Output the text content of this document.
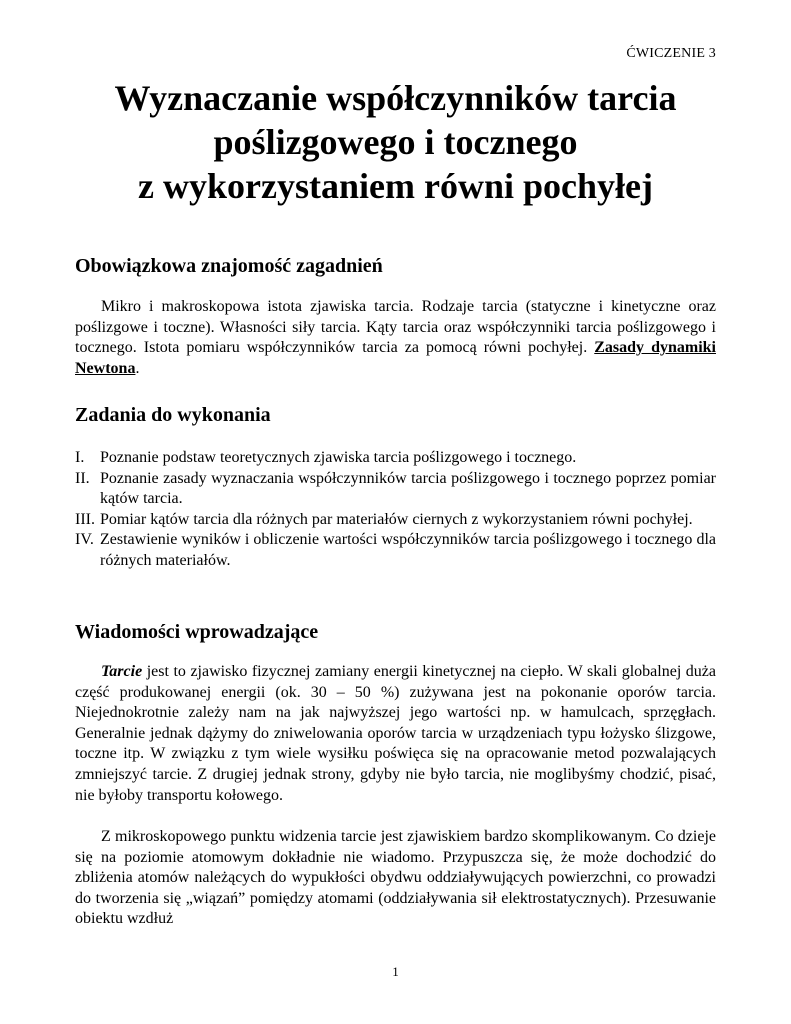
ĆWICZENIE 3
Wyznaczanie współczynników tarcia
poślizgowego i tocznego
z wykorzystaniem równi pochyłej
Obowiązkowa znajomość zagadnień

Mikro i makroskopowa istota zjawiska tarcia. Rodzaje tarcia (statyczne i kinetyczne oraz poślizgowe i toczne). Własności siły tarcia. Kąty tarcia oraz współczynniki tarcia poślizgowego i tocznego. Istota pomiaru współczynników tarcia za pomocą równi pochyłej. Zasady dynamiki Newtona.

Zadania do wykonania
I. Poznanie podstaw teoretycznych zjawiska tarcia poślizgowego i tocznego.
II. Poznanie zasady wyznaczania współczynników tarcia poślizgowego i tocznego poprzez pomiar kątów tarcia.
III. Pomiar kątów tarcia dla różnych par materiałów ciernych z wykorzystaniem równi pochyłej.
IV. Zestawienie wyników i obliczenie wartości współczynników tarcia poślizgowego i tocznego dla różnych materiałów.
Wiadomości wprowadzające

Tarcie jest to zjawisko fizycznej zamiany energii kinetycznej na ciepło. W skali globalnej duża część produkowanej energii (ok. 30 – 50 %) zużywana jest na pokonanie oporów tarcia. Niejednokrotnie zależy nam na jak najwyższej jego wartości np. w hamulcach, sprzęgłach. Generalnie jednak dążymy do zniwelowania oporów tarcia w urządzeniach typu łożysko ślizgowe, toczne itp. W związku z tym wiele wysiłku poświęca się na opracowanie metod pozwalających zmniejszyć tarcie. Z drugiej jednak strony, gdyby nie było tarcia, nie moglibyśmy chodzić, pisać, nie byłoby transportu kołowego.

Z mikroskopowego punktu widzenia tarcie jest zjawiskiem bardzo skomplikowanym. Co dzieje się na poziomie atomowym dokładnie nie wiadomo. Przypuszcza się, że może dochodzić do zbliżenia atomów należących do wypukłości obydwu oddziaływujących powierzchni, co prowadzi do tworzenia się „wiązań” pomiędzy atomami (oddziaływania sił elektrostatycznych). Przesuwanie obiektu wzdłuż

1
